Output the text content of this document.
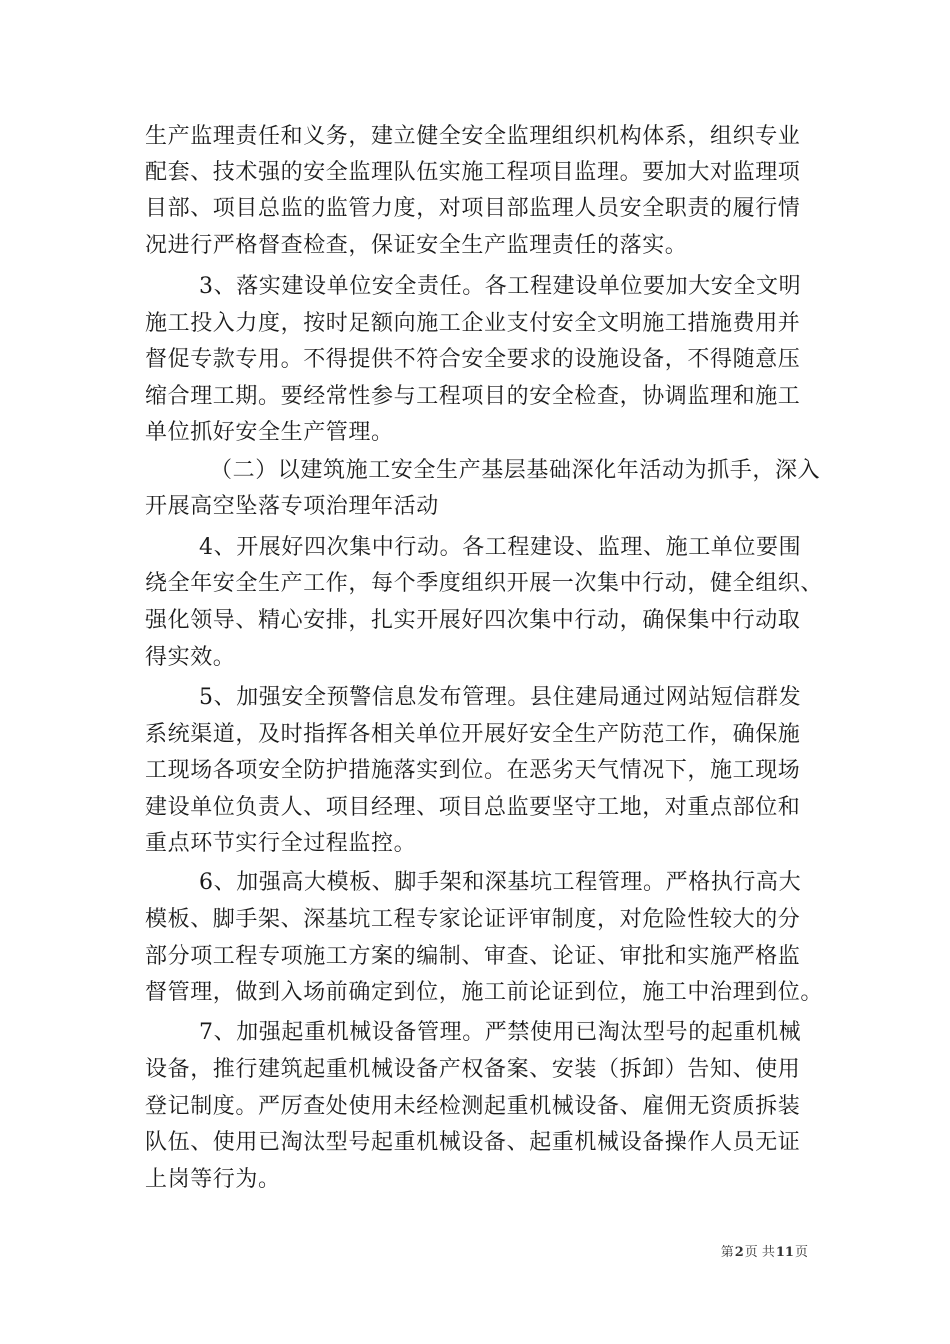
生产监理责任和义务，建立健全安全监理组织机构体系，组织专业
配套、技术强的安全监理队伍实施工程项目监理。要加大对监理项
目部、项目总监的监管力度，对项目部监理人员安全职责的履行情
况进行严格督查检查，保证安全生产监理责任的落实。
3、落实建设单位安全责任。各工程建设单位要加大安全文明
施工投入力度，按时足额向施工企业支付安全文明施工措施费用并
督促专款专用。不得提供不符合安全要求的设施设备，不得随意压
缩合理工期。要经常性参与工程项目的安全检查，协调监理和施工
单位抓好安全生产管理。
（二）以建筑施工安全生产基层基础深化年活动为抓手，深入
开展高空坠落专项治理年活动
4、开展好四次集中行动。各工程建设、监理、施工单位要围
绕全年安全生产工作，每个季度组织开展一次集中行动，健全组织、
强化领导、精心安排，扎实开展好四次集中行动，确保集中行动取
得实效。
5、加强安全预警信息发布管理。县住建局通过网站短信群发
系统渠道，及时指挥各相关单位开展好安全生产防范工作，确保施
工现场各项安全防护措施落实到位。在恶劣天气情况下，施工现场
建设单位负责人、项目经理、项目总监要坚守工地，对重点部位和
重点环节实行全过程监控。
6、加强高大模板、脚手架和深基坑工程管理。严格执行高大
模板、脚手架、深基坑工程专家论证评审制度，对危险性较大的分
部分项工程专项施工方案的编制、审查、论证、审批和实施严格监
督管理，做到入场前确定到位，施工前论证到位，施工中治理到位。
7、加强起重机械设备管理。严禁使用已淘汰型号的起重机械
设备，推行建筑起重机械设备产权备案、安装（拆卸）告知、使用
登记制度。严厉查处使用未经检测起重机械设备、雇佣无资质拆装
队伍、使用已淘汰型号起重机械设备、起重机械设备操作人员无证
上岗等行为。
第2页 共11页
